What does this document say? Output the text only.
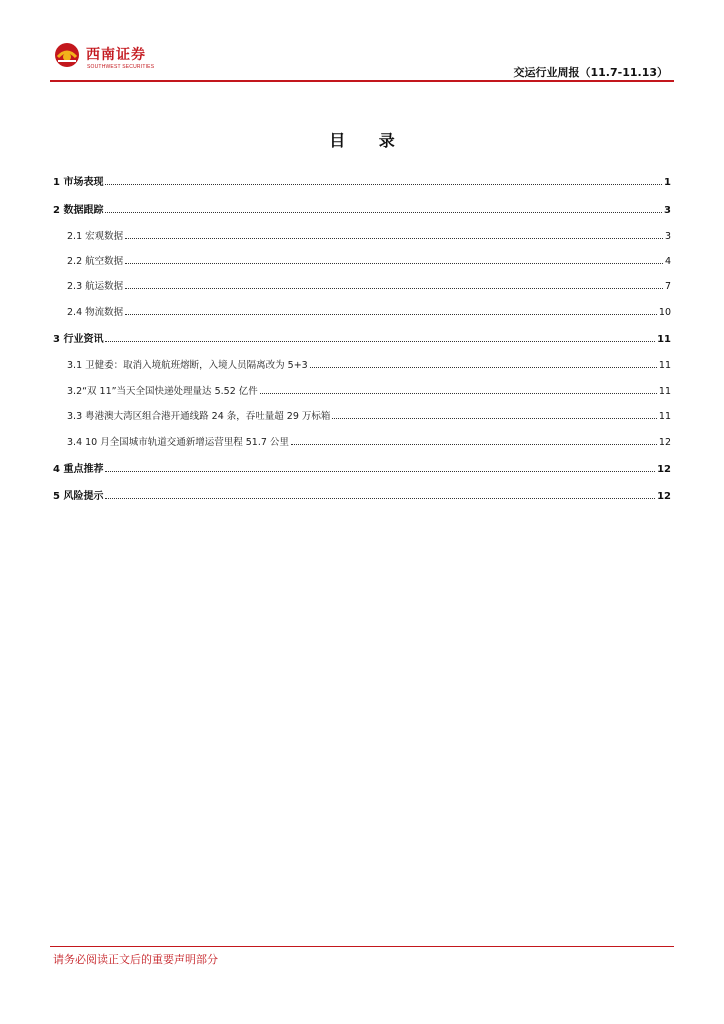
西南证券
SOUTHWEST SECURITIES	交运行业周报（11.7-11.13）
目 录
1 市场表现	1
2 数据跟踪	3
2.1 宏观数据	3
2.2 航空数据	4
2.3 航运数据	7
2.4 物流数据	10
3 行业资讯	11
3.1 卫健委：取消入境航班熔断，入境人员隔离改为 5+3	11
3.2“双 11”当天全国快递处理量达 5.52 亿件	11
3.3 粤港澳大湾区组合港开通线路 24 条，吞吐量超 29 万标箱	11
3.4 10 月全国城市轨道交通新增运营里程 51.7 公里	12
4 重点推荐	12
5 风险提示	12
请务必阅读正文后的重要声明部分
